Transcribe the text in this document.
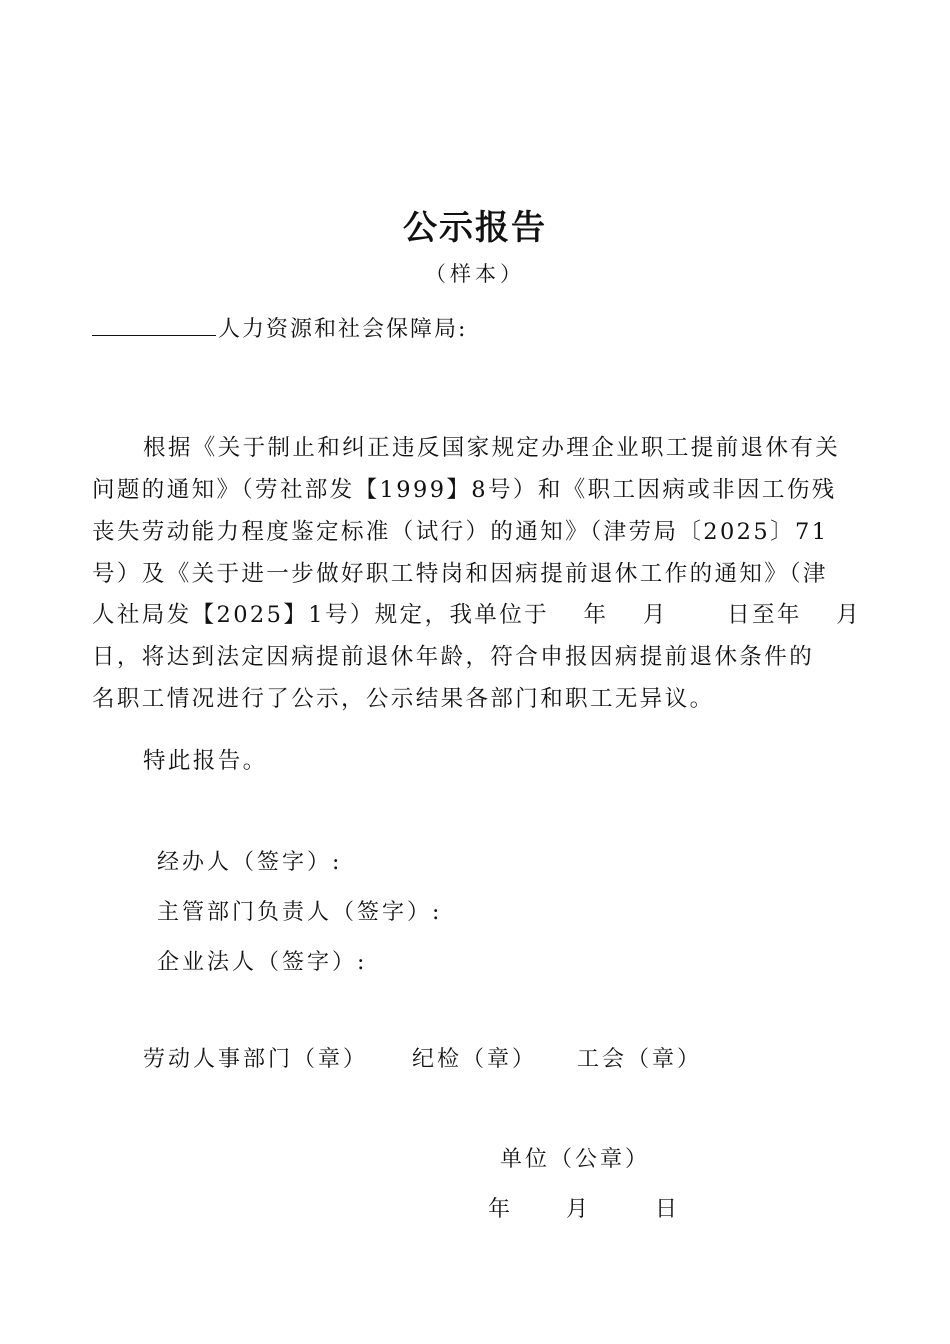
公示报告
（样本）
人力资源和社会保障局:
根据《关于制止和纠正违反国家规定办理企业职工提前退休有关
问题的通知》（劳社部发【1999】8号）和《职工因病或非因工伤残
丧失劳动能力程度鉴定标准（试行）的通知》（津劳局〔2025〕71
号）及《关于进一步做好职工特岗和因病提前退休工作的通知》（津
人社局发【2025】1号）规定，我单位于　 年　 月　 　日至年　 月
日，将达到法定因病提前退休年龄，符合申报因病提前退休条件的
名职工情况进行了公示，公示结果各部门和职工无异议。
特此报告。
经办人（签字）:
主管部门负责人（签字）:
企业法人（签字）:
劳动人事部门（章） 纪检（章） 工会（章）
单位（公章）
年	月	日
